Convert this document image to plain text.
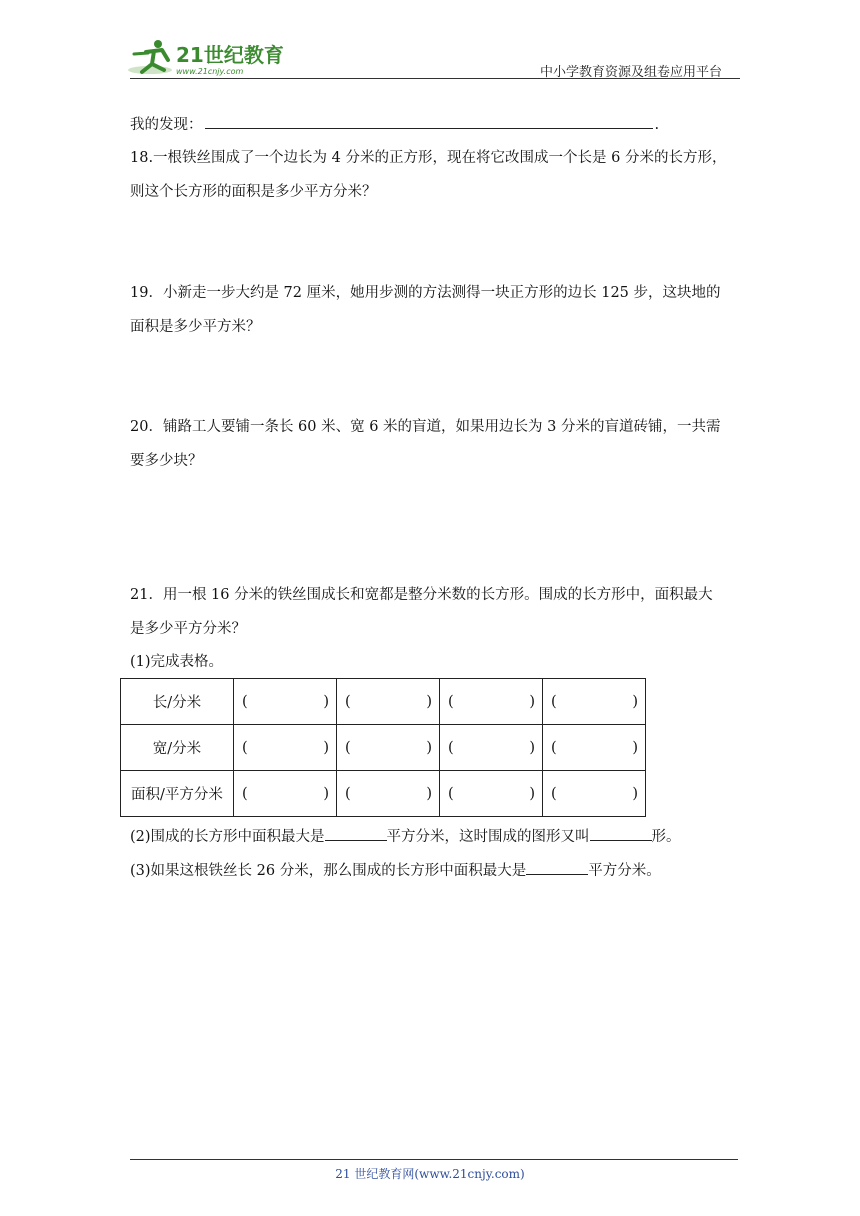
21世纪教育
www.21cnjy.com	中小学教育资源及组卷应用平台
我的发现：	.
18.一根铁丝围成了一个边长为 4 分米的正方形，现在将它改围成一个长是 6 分米的长方形，
则这个长方形的面积是多少平方分米？
19．小新走一步大约是 72 厘米，她用步测的方法测得一块正方形的边长 125 步，这块地的
面积是多少平方米？
20．铺路工人要铺一条长 60 米、宽 6 米的盲道，如果用边长为 3 分米的盲道砖铺，一共需
要多少块？
21．用一根 16 分米的铁丝围成长和宽都是整分米数的长方形。围成的长方形中，面积最大
是多少平方分米？
(1)完成表格。
长/分米	( )	( )	( )	( )

宽/分米	( )	( )	( )	( )

面积/平方分米	( )	( )	( )	( )
(2)围成的长方形中面积最大是	平方分米，这时围成的图形又叫	形。
(3)如果这根铁丝长 26 分米，那么围成的长方形中面积最大是	平方分米。
21 世纪教育网(www.21cnjy.com)
